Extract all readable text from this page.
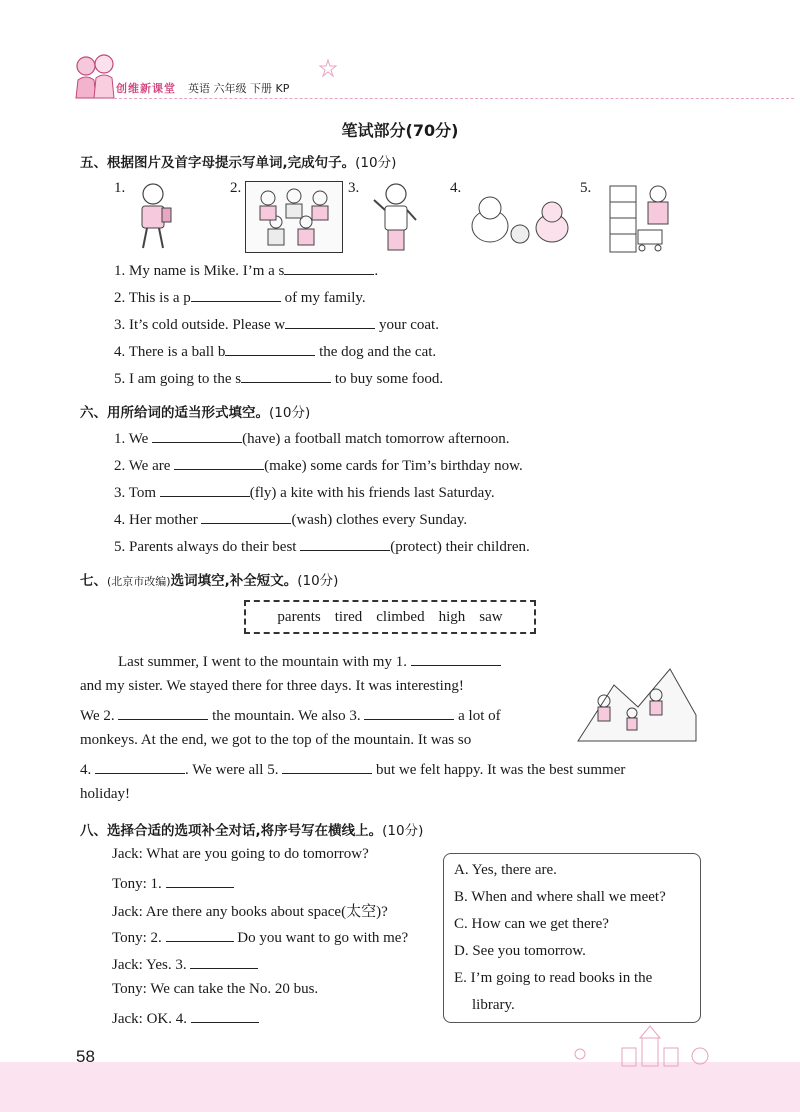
创维新课堂 英语 六年级 下册 KP
笔试部分(70分)
五、根据图片及首字母提示写单词,完成句子。(10分)
1.	2.	3.	4.	5.
1. My name is Mike. I’m a s	.
2. This is a p	of my family.
3. It’s cold outside. Please w	your coat.
4. There is a ball b	the dog and the cat.
5. I am going to the s	to buy some food.
六、用所给词的适当形式填空。(10分)
1. We	(have) a football match tomorrow afternoon.
2. We are	(make) some cards for Tim’s birthday now.
3. Tom	(fly) a kite with his friends last Saturday.
4. Her mother	(wash) clothes every Sunday.
5. Parents always do their best	(protect) their children.
七、(北京市改编)选词填空,补全短文。(10分)
parents tired climbed high saw
Last summer, I went to the mountain with my 1.
and my sister. We stayed there for three days. It was interesting!
We 2.	the mountain. We also 3.	a lot of
monkeys. At the end, we got to the top of the mountain. It was so
4.	. We were all 5.	but we felt happy. It was the best summer
holiday!
八、选择合适的选项补全对话,将序号写在横线上。(10分)
Jack: What are you going to do tomorrow?
Tony: 1.
Jack: Are there any books about space(太空)?
Tony: 2.	Do you want to go with me?
Jack: Yes. 3.
Tony: We can take the No. 20 bus.
Jack: OK. 4.
A. Yes, there are.
B. When and where shall we meet?
C. How can we get there?
D. See you tomorrow.
E. I’m going to read books in the
library.
58
